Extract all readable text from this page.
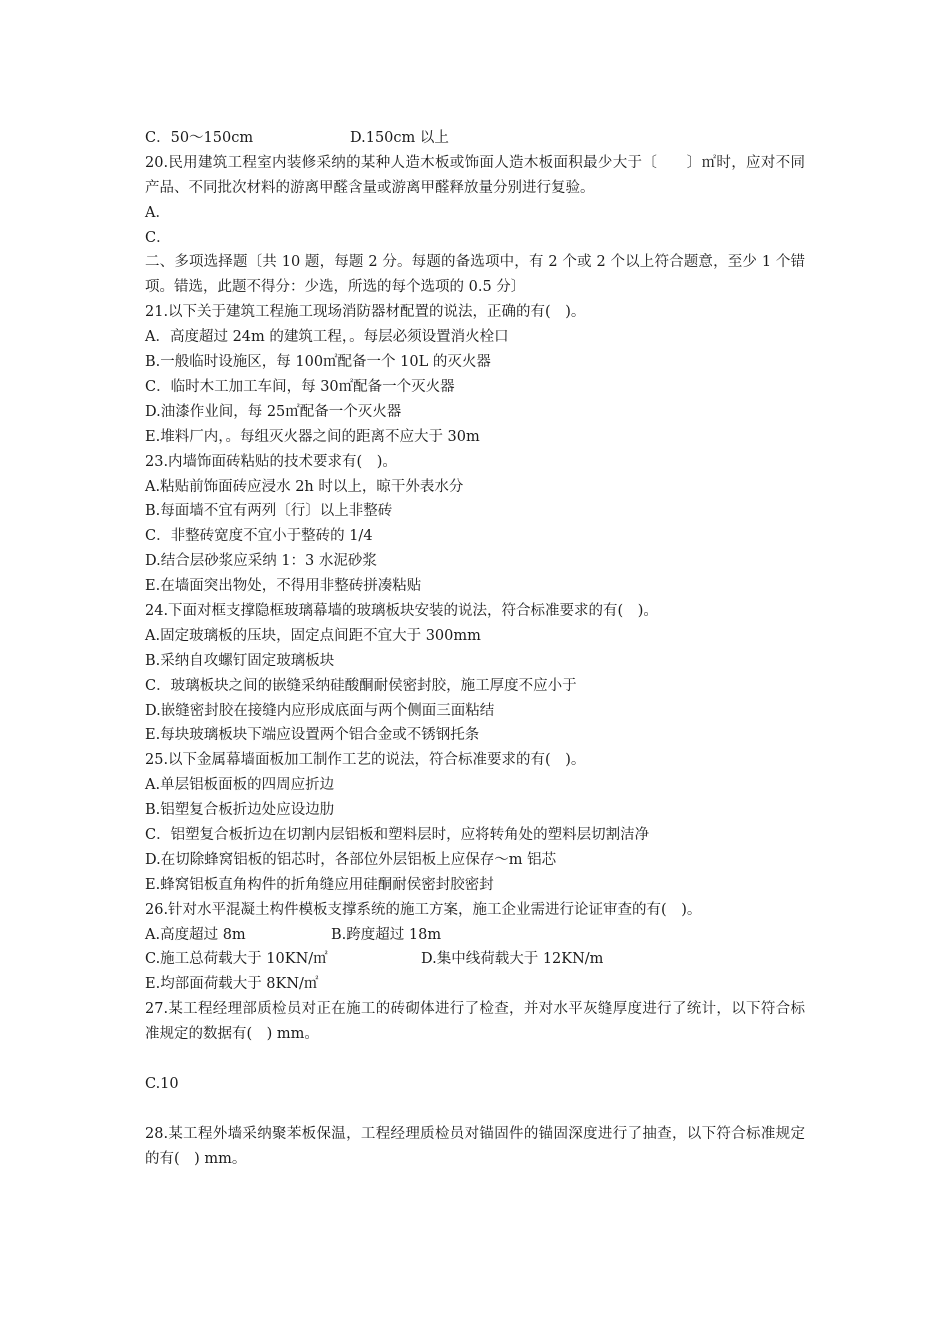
C．50～150cm	D.150cm 以上
20.民用建筑工程室内装修采纳的某种人造木板或饰面人造木板面积最少大于〔　　〕㎡时，应对不同产品、不同批次材料的游离甲醛含量或游离甲醛释放量分别进行复验。
A．
C．
二、多项选择题〔共 10 题，每题 2 分。每题的备选项中，有 2 个或 2 个以上符合题意，至少 1 个错项。错选，此题不得分：少选，所选的每个选项的 0.5 分〕
21.以下关于建筑工程施工现场消防器材配置的说法，正确的有(　)。
A．高度超过 24m 的建筑工程，。每层必须设置消火栓口
B.一般临时设施区，每 100㎡配备一个 10L 的灭火器
C．临时木工加工车间，每 30㎡配备一个灭火器
D.油漆作业间，每 25㎡配备一个灭火器
E.堆料厂内，。每组灭火器之间的距离不应大于 30m
23.内墙饰面砖粘贴的技术要求有(　)。
A.粘贴前饰面砖应浸水 2h 时以上，晾干外表水分
B.每面墙不宜有两列〔行〕以上非整砖
C．非整砖宽度不宜小于整砖的 1/4
D.结合层砂浆应采纳 1：3 水泥砂浆
E.在墙面突出物处，不得用非整砖拼凑粘贴
24.下面对框支撑隐框玻璃幕墙的玻璃板块安装的说法，符合标准要求的有(　)。
A.固定玻璃板的压块，固定点间距不宜大于 300mm
B.采纳自攻螺钉固定玻璃板块
C．玻璃板块之间的嵌缝采纳硅酸酮耐侯密封胶，施工厚度不应小于
D.嵌缝密封胶在接缝内应形成底面与两个侧面三面粘结
E.每块玻璃板块下端应设置两个铝合金或不锈钢托条
25.以下金属幕墙面板加工制作工艺的说法，符合标准要求的有(　)。
A.单层铝板面板的四周应折边
B.铝塑复合板折边处应设边肋
C．铝塑复合板折边在切割内层铝板和塑料层时，应将转角处的塑料层切割洁净
D.在切除蜂窝铝板的铝芯时，各部位外层铝板上应保存～m 铝芯
E.蜂窝铝板直角构件的折角缝应用硅酮耐侯密封胶密封
26.针对水平混凝土构件模板支撑系统的施工方案，施工企业需进行论证审查的有(　)。
A.高度超过 8m	B.跨度超过 18m
C.施工总荷载大于 10KN/㎡	D.集中线荷载大于 12KN/m
E.均部面荷载大于 8KN/㎡
27.某工程经理部质检员对正在施工的砖砌体进行了检查，并对水平灰缝厚度进行了统计，以下符合标准规定的数据有(　) mm。
C.10
28.某工程外墙采纳聚苯板保温，工程经理质检员对锚固件的锚固深度进行了抽查，以下符合标准规定的有(　) mm。
